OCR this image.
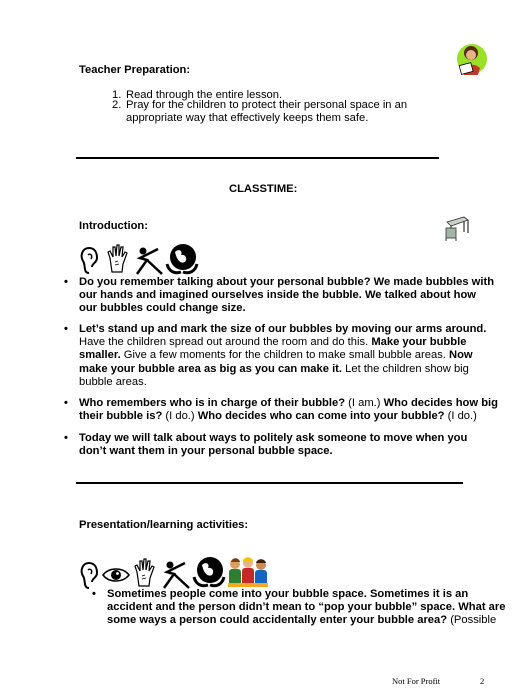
Teacher Preparation:
1. Read through the entire lesson.
2. Pray for the children to protect their personal space in an
appropriate way that effectively keeps them safe.
CLASSTIME:
Introduction:
• Do you remember talking about your personal bubble? We made bubbles with
our hands and imagined ourselves inside the bubble. We talked about how
our bubbles could change size.
• Let’s stand up and mark the size of our bubbles by moving our arms around.
Have the children spread out around the room and do this. Make your bubble
smaller. Give a few moments for the children to make small bubble areas. Now
make your bubble area as big as you can make it. Let the children show big
bubble areas.
• Who remembers who is in charge of their bubble? (I am.) Who decides how big
their bubble is? (I do.) Who decides who can come into your bubble? (I do.)
• Today we will talk about ways to politely ask someone to move when you
don’t want them in your personal bubble space.
Presentation/learning activities:
• Sometimes people come into your bubble space. Sometimes it is an
accident and the person didn’t mean to “pop your bubble” space. What are
some ways a person could accidentally enter your bubble area? (Possible
Not For Profit	2
